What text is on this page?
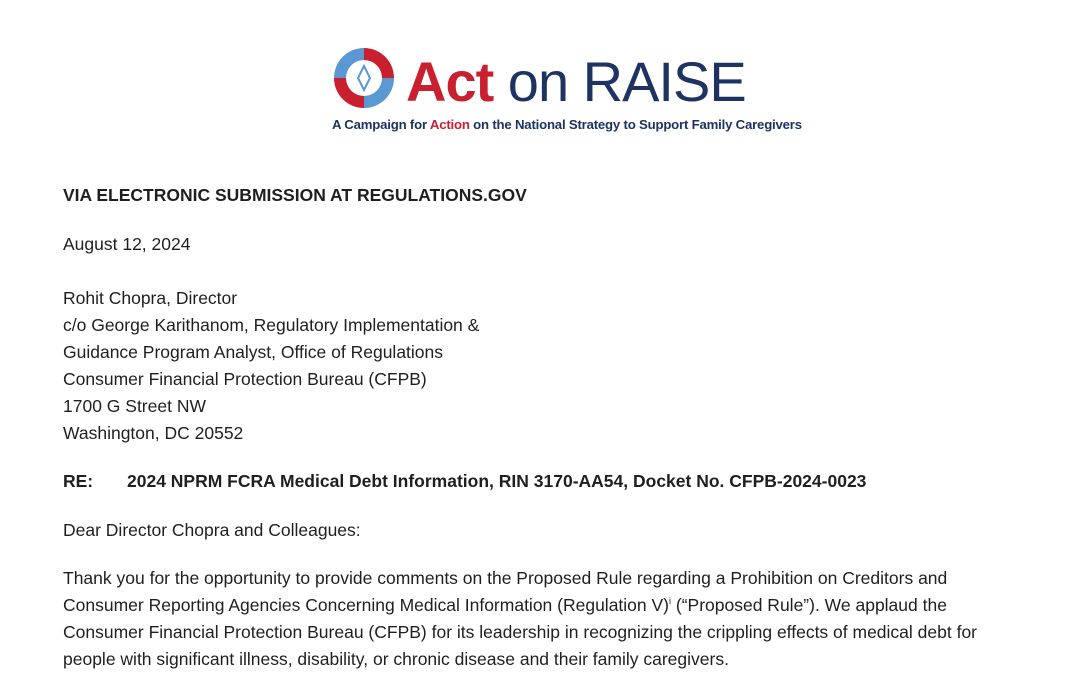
Act on RAISE
A Campaign for Action on the National Strategy to Support Family Caregivers
VIA ELECTRONIC SUBMISSION AT REGULATIONS.GOV
August 12, 2024
Rohit Chopra, Director
c/o George Karithanom, Regulatory Implementation &
Guidance Program Analyst, Office of Regulations
Consumer Financial Protection Bureau (CFPB)
1700 G Street NW
Washington, DC 20552
RE: 2024 NPRM FCRA Medical Debt Information, RIN 3170-AA54, Docket No. CFPB-2024-0023
Dear Director Chopra and Colleagues:
Thank you for the opportunity to provide comments on the Proposed Rule regarding a Prohibition on Creditors and
Consumer Reporting Agencies Concerning Medical Information (Regulation V)$^i$ (“Proposed Rule”). We applaud the
Consumer Financial Protection Bureau (CFPB) for its leadership in recognizing the crippling effects of medical debt for
people with significant illness, disability, or chronic disease and their family caregivers.
